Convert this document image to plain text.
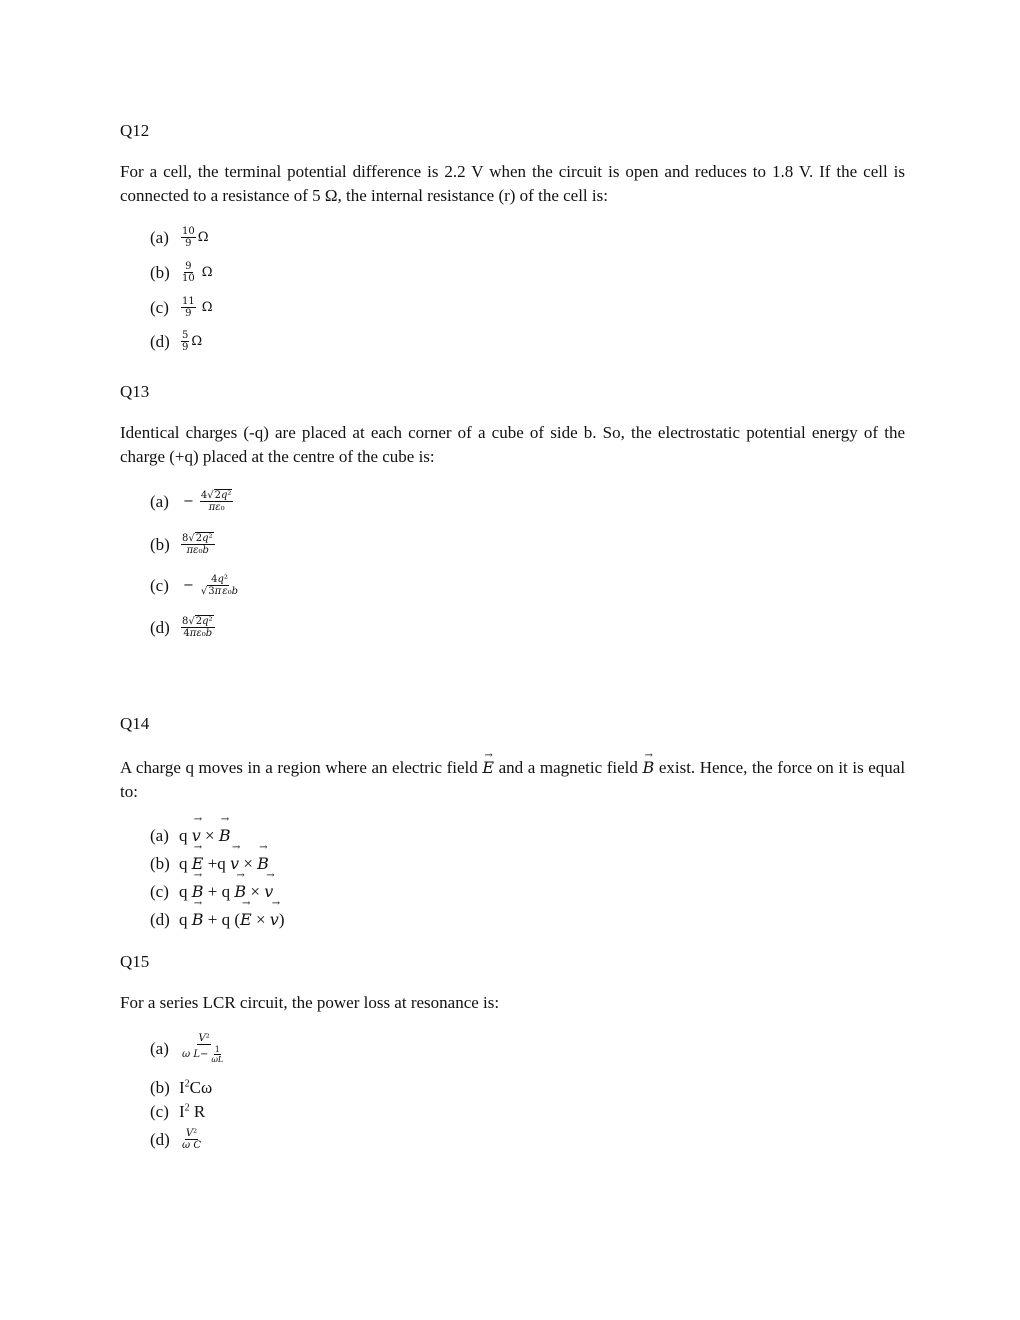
Q12
For a cell, the terminal potential difference is 2.2 V when the circuit is open and reduces to 1.8 V. If the cell is connected to a resistance of 5 Ω, the internal resistance (r) of the cell is:
(a)	$\frac{10}{9}$ Ω
(b)	$\frac{9}{10}$ Ω
(c)	$\frac{11}{9}$ Ω
(d)	$\frac{5}{9}$ Ω
Q13
Identical charges (-q) are placed at each corner of a cube of side b. So, the electrostatic potential energy of the charge (+q) placed at the centre of the cube is:
(a)	− $\frac{\text{4√2q²}}{\text{πε₀}}$
(b)	8√2q²
πε₀b
(c)	− $\frac{\text{4q²}}{\text{√3πε₀b}}$
(d)	8√2q²
4πε₀b
Q14
A charge q moves in a region where an electric field → E and a magnetic field → B exist. Hence, the force on it is equal to:
(a) q → v × → B
(b) q → E +q → v × → B
(c) q → B + q → B × → v
(d) q → B + q (→ E × → v)
Q15
For a series LCR circuit, the power loss at resonance is:
(a)	V²
ω L − 1
ωL
(b) $I^2C\omega$
(c) $I^2$ R
(d)	V²
ω C
